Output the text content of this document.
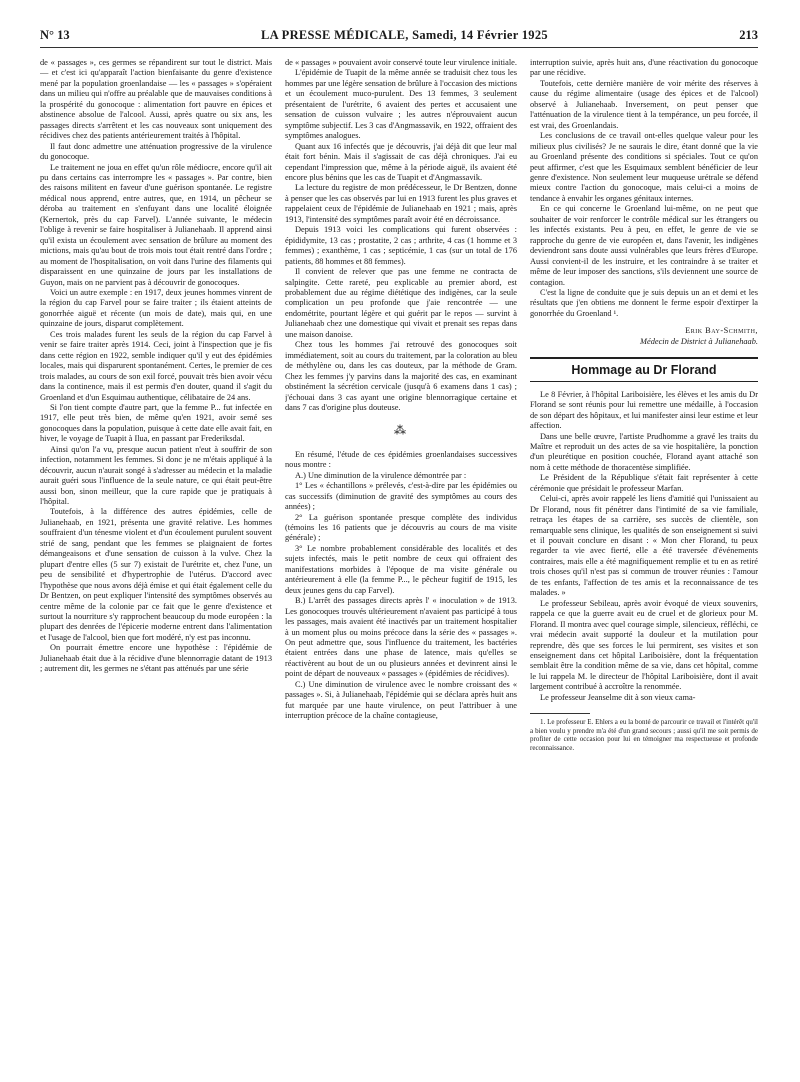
N° 13	LA PRESSE MÉDICALE, Samedi, 14 Février 1925	213

de « passages », ces germes se répandirent sur tout le district. Mais — et c'est ici qu'apparaît l'action bienfaisante du genre d'existence mené par la population groenlandaise — les « passages » s'opéraient dans un milieu qui n'offre au préalable que de mauvaises conditions à la prospérité du gonocoque : alimentation fort pauvre en épices et abstinence absolue de l'alcool. Aussi, après quatre ou six ans, les passages directs s'arrêtent et les cas nouveaux sont uniquement des récidives chez des patients antérieurement traités à l'hôpital.

Il faut donc admettre une atténuation progressive de la virulence du gonocoque.

Le traitement ne joua en effet qu'un rôle médiocre, encore qu'il ait pu dans certains cas interrompre les « passages ». Par contre, bien des raisons militent en faveur d'une guérison spontanée. Le registre médical nous apprend, entre autres, que, en 1914, un pêcheur se déroba au traitement en s'enfuyant dans une localité éloignée (Kernertok, près du cap Farvel). L'année suivante, le médecin l'oblige à revenir se faire hospitaliser à Julianehaab. Il apprend ainsi qu'il exista un écoulement avec sensation de brûlure au moment des mictions, mais qu'au bout de trois mois tout était rentré dans l'ordre ; au moment de l'hospitalisation, on voit dans l'urine des filaments qui disparaissent en une quinzaine de jours par les installations de Guyon, mais on ne parvient pas à découvrir de gonocoques.

Voici un autre exemple : en 1917, deux jeunes hommes vinrent de la région du cap Farvel pour se faire traiter ; ils étaient atteints de gonorrhée aiguë et récente (un mois de date), mais qui, en une quinzaine de jours, disparut complètement.

Ces trois malades furent les seuls de la région du cap Farvel à venir se faire traiter après 1914. Ceci, joint à l'inspection que je fis dans cette région en 1922, semble indiquer qu'il y eut des épidémies locales, mais qui disparurent spontanément. Certes, le premier de ces trois malades, au cours de son exil forcé, pouvait très bien avoir vécu dans la continence, mais il est permis d'en douter, quand il s'agit du Groenland et d'un Esquimau authentique, célibataire de 24 ans.

Si l'on tient compte d'autre part, que la femme P... fut infectée en 1917, elle peut très bien, de même qu'en 1921, avoir semé ses gonocoques dans la population, puisque à cette date elle avait fait, en hiver, le voyage de Tuapit à Ilua, en passant par Frederiksdal.

Ainsi qu'on l'a vu, presque aucun patient n'eut à souffrir de son infection, notamment les femmes. Si donc je ne m'étais appliqué à la découvrir, aucun n'aurait songé à s'adresser au médecin et la maladie aurait guéri sous l'influence de la seule nature, ce qui était peut-être aussi bon, sinon meilleur, que la cure rapide que je pratiquais à l'hôpital.

Toutefois, à la différence des autres épidémies, celle de Julianehaab, en 1921, présenta une gravité relative. Les hommes souffraient d'un ténesme violent et d'un écoulement purulent souvent strié de sang, pendant que les femmes se plaignaient de fortes démangeaisons et d'une sensation de cuisson à la vulve. Chez la plupart d'entre elles (5 sur 7) existait de l'urétrite et, chez l'une, un peu de sensibilité et d'hypertrophie de l'utérus. D'accord avec l'hypothèse que nous avons déjà émise et qui était également celle du Dr Bentzen, on peut expliquer l'intensité des symptômes observés au centre même de la colonie par ce fait que le genre d'existence et surtout la nourriture s'y rapprochent beaucoup du mode européen : la plupart des denrées de l'épicerie moderne entrent dans l'alimentation et l'usage de l'alcool, bien que fort modéré, n'y est pas inconnu.

On pourrait émettre encore une hypothèse : l'épidémie de Julianehaab était due à la récidive d'une blennorragie datant de 1913 ; autrement dit, les germes ne s'étant pas atténués par une série

de « passages » pouvaient avoir conservé toute leur virulence initiale.

L'épidémie de Tuapit de la même année se traduisit chez tous les hommes par une légère sensation de brûlure à l'occasion des mictions et un écoulement muco-purulent. Des 13 femmes, 3 seulement présentaient de l'urétrite, 6 avaient des pertes et accusaient une sensation de cuisson vulvaire ; les autres n'éprouvaient aucun symptôme subjectif. Les 3 cas d'Angmassavik, en 1922, offraient des symptômes analogues.

Quant aux 16 infectés que je découvris, j'ai déjà dit que leur mal était fort bénin. Mais il s'agissait de cas déjà chroniques. J'ai eu cependant l'impression que, même à la période aiguë, ils avaient été encore plus bénins que les cas de Tuapit et d'Angmassavik.

La lecture du registre de mon prédécesseur, le Dr Bentzen, donne à penser que les cas observés par lui en 1913 furent les plus graves et rappelaient ceux de l'épidémie de Julianehaab en 1921 ; mais, après 1913, l'intensité des symptômes paraît avoir été en décroissance.

Depuis 1913 voici les complications qui furent observées : épididymite, 13 cas ; prostatite, 2 cas ; arthrite, 4 cas (1 homme et 3 femmes) ; exanthème, 1 cas ; septicémie, 1 cas (sur un total de 176 patients, 88 hommes et 88 femmes).

Il convient de relever que pas une femme ne contracta de salpingite. Cette rareté, peu explicable au premier abord, est probablement due au régime diététique des indigènes, car la seule complication un peu profonde que j'aie rencontrée — une endométrite, pourtant légère et qui guérit par le repos — survint à Julianehaab chez une domestique qui vivait et prenait ses repas dans une maison danoise.

Chez tous les hommes j'ai retrouvé des gonocoques soit immédiatement, soit au cours du traitement, par la coloration au bleu de méthylène ou, dans les cas douteux, par la méthode de Gram. Chez les femmes j'y parvins dans la majorité des cas, en examinant obstinément la sécrétion cervicale (jusqu'à 6 examens dans 1 cas) ; j'échouai dans 3 cas ayant une origine blennorragique certaine et dans 7 cas d'origine plus douteuse.

⁂

En résumé, l'étude de ces épidémies groenlandaises successives nous montre :

A.) Une diminution de la virulence démontrée par :

1° Les « échantillons » prélevés, c'est-à-dire par les épidémies ou cas successifs (diminution de gravité des symptômes au cours des années) ;

2° La guérison spontanée presque complète des individus (témoins les 16 patients que je découvris au cours de ma visite générale) ;

3° Le nombre probablement considérable des localités et des sujets infectés, mais le petit nombre de ceux qui offraient des manifestations morbides à l'époque de ma visite générale ou antérieurement à elle (la femme P..., le pêcheur fugitif de 1915, les deux jeunes gens du cap Farvel).

B.) L'arrêt des passages directs après l' « inoculation » de 1913. Les gonocoques trouvés ultérieurement n'avaient pas participé à tous les passages, mais avaient été inactivés par un traitement hospitalier à un moment plus ou moins précoce dans la série des « passages ». On peut admettre que, sous l'influence du traitement, les bactéries étaient entrées dans une phase de latence, mais qu'elles se réactivèrent au bout de un ou plusieurs années et devinrent ainsi le point de départ de nouveaux « passages » (épidémies de récidives).

C.) Une diminution de virulence avec le nombre croissant des « passages ». Si, à Julianehaab, l'épidémie qui se déclara après huit ans fut marquée par une haute virulence, on peut l'attribuer à une interruption précoce de la chaîne contagieuse,

interruption suivie, après huit ans, d'une réactivation du gonocoque par une récidive.

Toutefois, cette dernière manière de voir mérite des réserves à cause du régime alimentaire (usage des épices et de l'alcool) observé à Julianehaab. Inversement, on peut penser que l'atténuation de la virulence tient à la tempérance, un peu forcée, il est vrai, des Groenlandais.

Les conclusions de ce travail ont-elles quelque valeur pour les milieux plus civilisés? Je ne saurais le dire, étant donné que la vie au Groenland présente des conditions si spéciales. Tout ce qu'on peut affirmer, c'est que les Esquimaux semblent bénéficier de leur genre d'existence. Non seulement leur muqueuse urétrale se défend mieux contre l'action du gonocoque, mais celui-ci a moins de tendance à envahir les organes génitaux internes.

En ce qui concerne le Groenland lui-même, on ne peut que souhaiter de voir renforcer le contrôle médical sur les étrangers ou les infectés existants. Peu à peu, en effet, le genre de vie se rapproche du genre de vie européen et, dans l'avenir, les indigènes deviendront sans doute aussi vulnérables que leurs frères d'Europe. Aussi convient-il de les instruire, et les contraindre à se traiter et même de leur imposer des sanctions, s'ils deviennent une source de contagion.

C'est la ligne de conduite que je suis depuis un an et demi et les résultats que j'en obtiens me donnent le ferme espoir d'extirper la gonorrhée du Groenland ¹.

Erik Bay-Schmith,
Médecin de District à Julianehaab.
Hommage au Dr Florand

Le 8 Février, à l'hôpital Lariboisière, les élèves et les amis du Dr Florand se sont réunis pour lui remettre une médaille, à l'occasion de son départ des hôpitaux, et lui manifester ainsi leur estime et leur affection.

Dans une belle œuvre, l'artiste Prudhomme a gravé les traits du Maître et reproduit un des actes de sa vie hospitalière, la ponction d'un pleurétique en position couchée, Florand ayant attaché son nom à cette méthode de thoracentèse simplifiée.

Le Président de la République s'était fait représenter à cette cérémonie que présidait le professeur Marfan.

Celui-ci, après avoir rappelé les liens d'amitié qui l'unissaient au Dr Florand, nous fit pénétrer dans l'intimité de sa vie familiale, retraça les étapes de sa carrière, ses succès de clientèle, son remarquable sens clinique, les qualités de son enseignement si suivi et il pouvait conclure en disant : « Mon cher Florand, tu peux regarder ta vie avec fierté, elle a été traversée d'événements contraires, mais elle a été magnifiquement remplie et tu en as retiré trois choses qu'il n'est pas si commun de trouver réunies : l'amour de tes enfants, l'affection de tes amis et la reconnaissance de tes malades. »

Le professeur Sebileau, après avoir évoqué de vieux souvenirs, rappela ce que la guerre avait eu de cruel et de glorieux pour M. Florand. Il montra avec quel courage simple, silencieux, réfléchi, ce vrai médecin avait supporté la douleur et la mutilation pour reprendre, dès que ses forces le lui permirent, ses visites et son enseignement dans cet hôpital Lariboisière, dont la fréquentation semblait être la condition même de sa vie, dans cet hôpital, comme le lui rappela M. le directeur de l'hôpital Lariboisière, dont il avait largement contribué à accroître la renommée.

Le professeur Jeanselme dit à son vieux cama-

1. Le professeur E. Ehlers a eu la bonté de parcourir ce travail et l'intérêt qu'il a bien voulu y prendre m'a été d'un grand secours ; aussi qu'il me soit permis de profiter de cette occasion pour lui en témoigner ma respectueuse et profonde reconnaissance.
